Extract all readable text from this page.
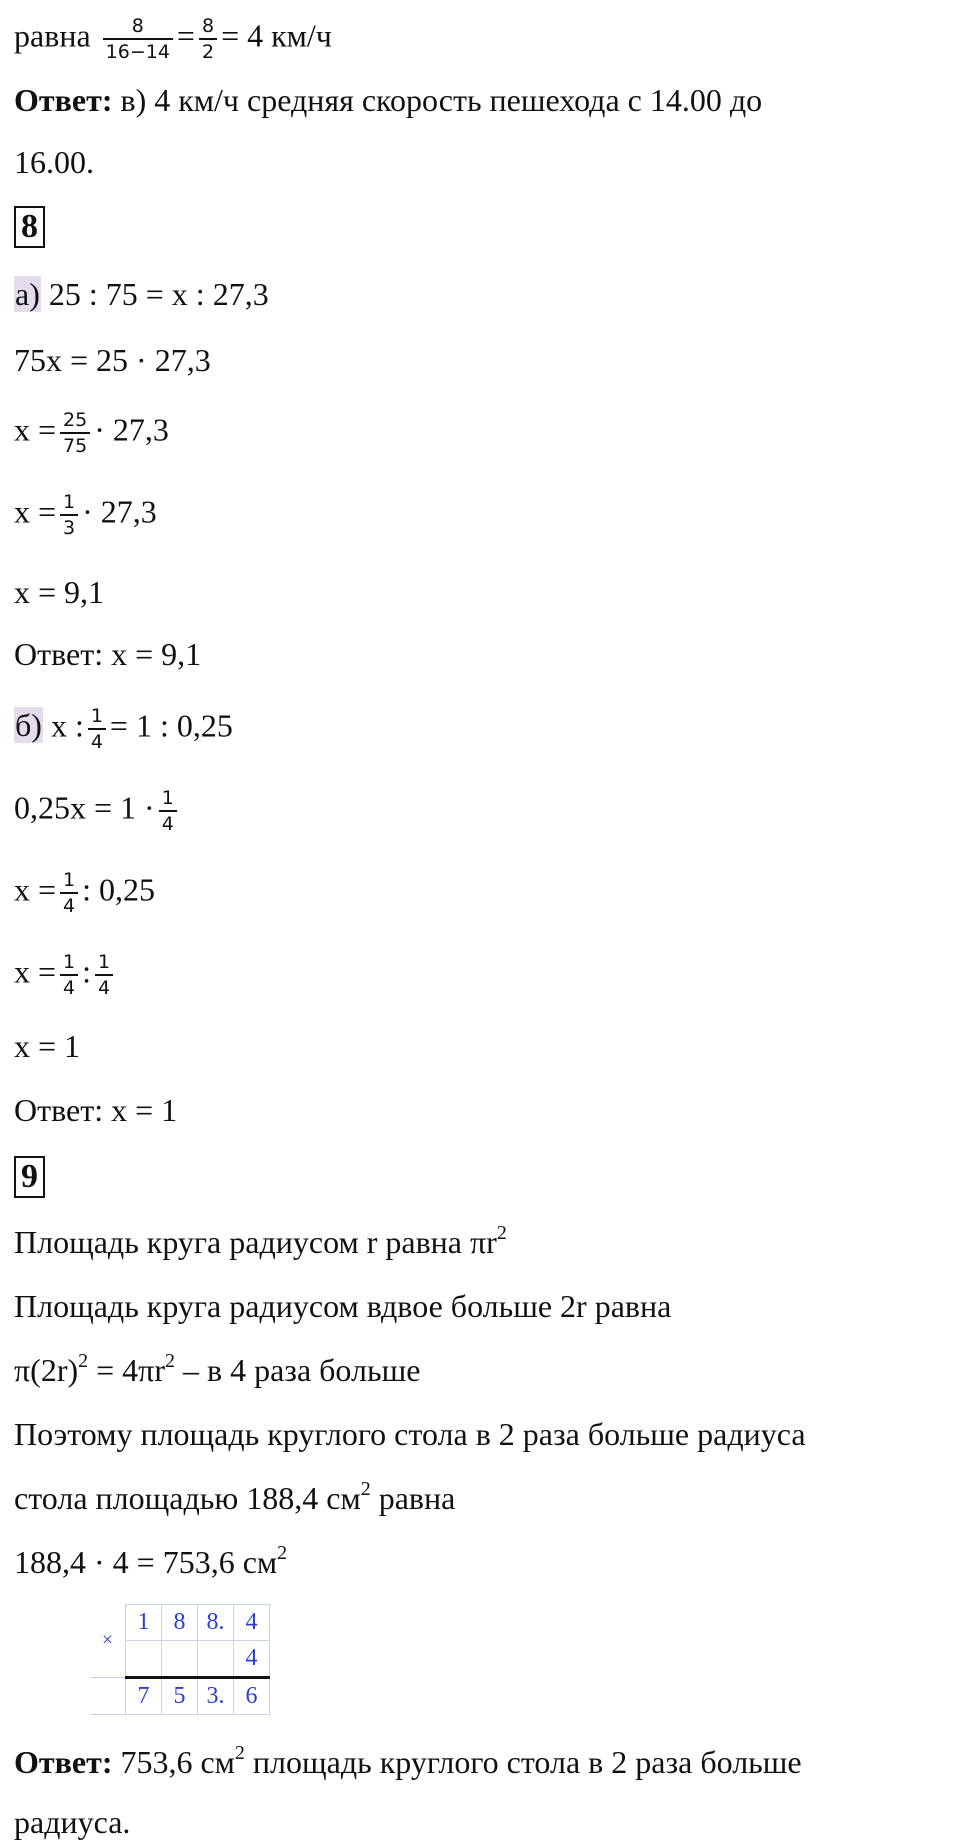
равна $\frac{8}{16-14} = \frac{8}{2} = 4$ км/ч
Ответ: в) 4 км/ч средняя скорость пешехода с 14.00 до
16.00.
8
а) 25 : 75 = x : 27,3
75x = 25 · 27,3
$x = \frac{25}{75} \cdot 27,3$
$x = \frac{1}{3} \cdot 27,3$
x = 9,1
Ответ: x = 9,1
б) x : $\frac{1}{4} = 1$ : 0,25
$0,25x = 1 \cdot \frac{1}{4}$
$x = \frac{1}{4}$ : 0,25
$x = \frac{1}{4}$ : $\frac{1}{4}$
x = 1
Ответ: x = 1
9
Площадь круга радиусом r равна $\pi r^2$
Площадь круга радиусом вдвое больше 2r равна
$\pi(2r)^2 = 4\pi r^2 - в$ 4 раза больше
Поэтому площадь круглого стола в 2 раза больше радиуса
стола площадью 188,4 $см^2$ равна
188,4 · 4 = 753,6 $см^2$
×	1	8	8.	4
				4
	7	5	3.	6
Ответ: 753,6 $см^2$ площадь круглого стола в 2 раза больше
радиуса.
